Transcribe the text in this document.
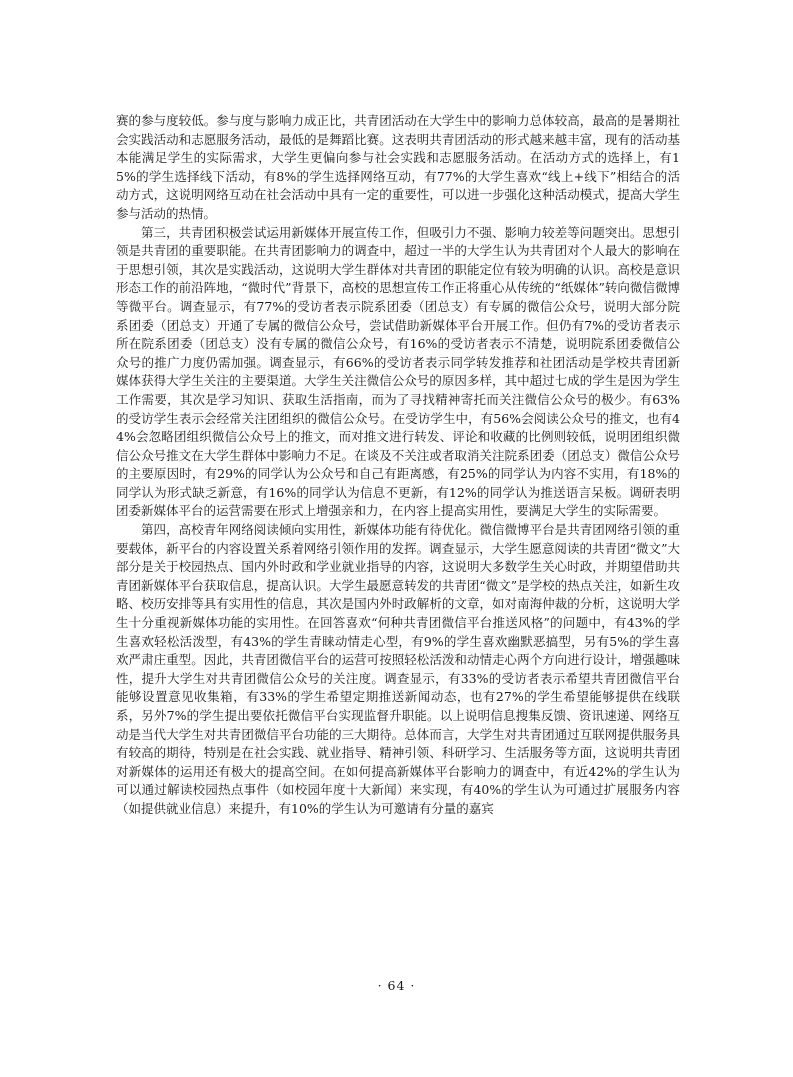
赛的参与度较低。参与度与影响力成正比，共青团活动在大学生中的影响力总体较高，最高的是暑期社会实践活动和志愿服务活动，最低的是舞蹈比赛。这表明共青团活动的形式越来越丰富，现有的活动基本能满足学生的实际需求，大学生更偏向参与社会实践和志愿服务活动。在活动方式的选择上，有15%的学生选择线下活动，有8%的学生选择网络互动，有77%的大学生喜欢“线上+线下”相结合的活动方式，这说明网络互动在社会活动中具有一定的重要性，可以进一步强化这种活动模式，提高大学生参与活动的热情。

第三，共青团积极尝试运用新媒体开展宣传工作，但吸引力不强、影响力较差等问题突出。思想引领是共青团的重要职能。在共青团影响力的调查中，超过一半的大学生认为共青团对个人最大的影响在于思想引领，其次是实践活动，这说明大学生群体对共青团的职能定位有较为明确的认识。高校是意识形态工作的前沿阵地，“微时代”背景下，高校的思想宣传工作正将重心从传统的“纸媒体”转向微信微博等微平台。调查显示，有77%的受访者表示院系团委（团总支）有专属的微信公众号，说明大部分院系团委（团总支）开通了专属的微信公众号，尝试借助新媒体平台开展工作。但仍有7%的受访者表示所在院系团委（团总支）没有专属的微信公众号，有16%的受访者表示不清楚，说明院系团委微信公众号的推广力度仍需加强。调查显示，有66%的受访者表示同学转发推荐和社团活动是学校共青团新媒体获得大学生关注的主要渠道。大学生关注微信公众号的原因多样，其中超过七成的学生是因为学生工作需要，其次是学习知识、获取生活指南，而为了寻找精神寄托而关注微信公众号的极少。有63%的受访学生表示会经常关注团组织的微信公众号。在受访学生中，有56%会阅读公众号的推文，也有44%会忽略团组织微信公众号上的推文，而对推文进行转发、评论和收藏的比例则较低，说明团组织微信公众号推文在大学生群体中影响力不足。在谈及不关注或者取消关注院系团委（团总支）微信公众号的主要原因时，有29%的同学认为公众号和自己有距离感，有25%的同学认为内容不实用，有18%的同学认为形式缺乏新意，有16%的同学认为信息不更新，有12%的同学认为推送语言呆板。调研表明团委新媒体平台的运营需要在形式上增强亲和力，在内容上提高实用性，要满足大学生的实际需要。

第四，高校青年网络阅读倾向实用性，新媒体功能有待优化。微信微博平台是共青团网络引领的重要载体，新平台的内容设置关系着网络引领作用的发挥。调查显示，大学生愿意阅读的共青团“微文”大部分是关于校园热点、国内外时政和学业就业指导的内容，这说明大多数学生关心时政，并期望借助共青团新媒体平台获取信息，提高认识。大学生最愿意转发的共青团“微文”是学校的热点关注，如新生攻略、校历安排等具有实用性的信息，其次是国内外时政解析的文章，如对南海仲裁的分析，这说明大学生十分重视新媒体功能的实用性。在回答喜欢“何种共青团微信平台推送风格”的问题中，有43%的学生喜欢轻松活泼型，有43%的学生青睐动情走心型，有9%的学生喜欢幽默恶搞型，另有5%的学生喜欢严肃庄重型。因此，共青团微信平台的运营可按照轻松活泼和动情走心两个方向进行设计，增强趣味性，提升大学生对共青团微信公众号的关注度。调查显示，有33%的受访者表示希望共青团微信平台能够设置意见收集箱，有33%的学生希望定期推送新闻动态，也有27%的学生希望能够提供在线联系，另外7%的学生提出要依托微信平台实现监督升职能。以上说明信息搜集反馈、资讯速递、网络互动是当代大学生对共青团微信平台功能的三大期待。总体而言，大学生对共青团通过互联网提供服务具有较高的期待，特别是在社会实践、就业指导、精神引领、科研学习、生活服务等方面，这说明共青团对新媒体的运用还有极大的提高空间。在如何提高新媒体平台影响力的调查中，有近42%的学生认为可以通过解读校园热点事件（如校园年度十大新闻）来实现，有40%的学生认为可通过扩展服务内容（如提供就业信息）来提升，有10%的学生认为可邀请有分量的嘉宾

· 64 ·
